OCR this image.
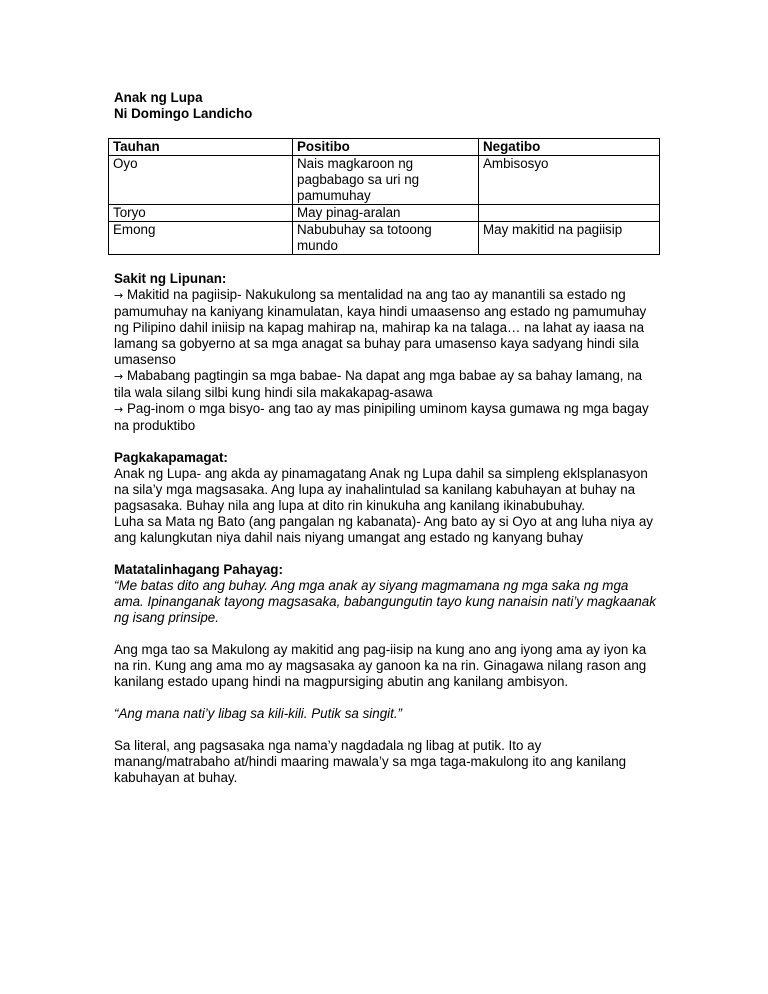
Anak ng Lupa
Ni Domingo Landicho
Tauhan	Positibo	Negatibo
Oyo	Nais magkaroon ng pagbabago sa uri ng pamumuhay	Ambisosyo
Toryo	May pinag-aralan	
Emong	Nabubuhay sa totoong mundo	May makitid na pagiisip
Sakit ng Lipunan:

→ Makitid na pagiisip- Nakukulong sa mentalidad na ang tao ay manantili sa estado ng pamumuhay na kaniyang kinamulatan, kaya hindi umaasenso ang estado ng pamumuhay ng Pilipino dahil iniisip na kapag mahirap na, mahirap ka na talaga… na lahat ay iaasa na lamang sa gobyerno at sa mga anagat sa buhay para umasenso kaya sadyang hindi sila umasenso

→ Mababang pagtingin sa mga babae- Na dapat ang mga babae ay sa bahay lamang, na tila wala silang silbi kung hindi sila makakapag-asawa

→ Pag-inom o mga bisyo- ang tao ay mas pinipiling uminom kaysa gumawa ng mga bagay na produktibo

Pagkakapamagat:

Anak ng Lupa- ang akda ay pinamagatang Anak ng Lupa dahil sa simpleng eklsplanasyon na sila’y mga magsasaka. Ang lupa ay inahalintulad sa kanilang kabuhayan at buhay na pagsasaka. Buhay nila ang lupa at dito rin kinukuha ang kanilang ikinabubuhay.

Luha sa Mata ng Bato (ang pangalan ng kabanata)- Ang bato ay si Oyo at ang luha niya ay ang kalungkutan niya dahil nais niyang umangat ang estado ng kanyang buhay

Matatalinhagang Pahayag:

“Me batas dito ang buhay. Ang mga anak ay siyang magmamana ng mga saka ng mga ama. Ipinanganak tayong magsasaka, babangungutin tayo kung nanaisin nati’y magkaanak ng isang prinsipe.

Ang mga tao sa Makulong ay makitid ang pag-iisip na kung ano ang iyong ama ay iyon ka na rin. Kung ang ama mo ay magsasaka ay ganoon ka na rin. Ginagawa nilang rason ang kanilang estado upang hindi na magpursiging abutin ang kanilang ambisyon.

“Ang mana nati’y libag sa kili-kili. Putik sa singit.”

Sa literal, ang pagsasaka nga nama’y nagdadala ng libag at putik. Ito ay manang/matrabaho at/hindi maaring mawala’y sa mga taga-makulong ito ang kanilang kabuhayan at buhay.
